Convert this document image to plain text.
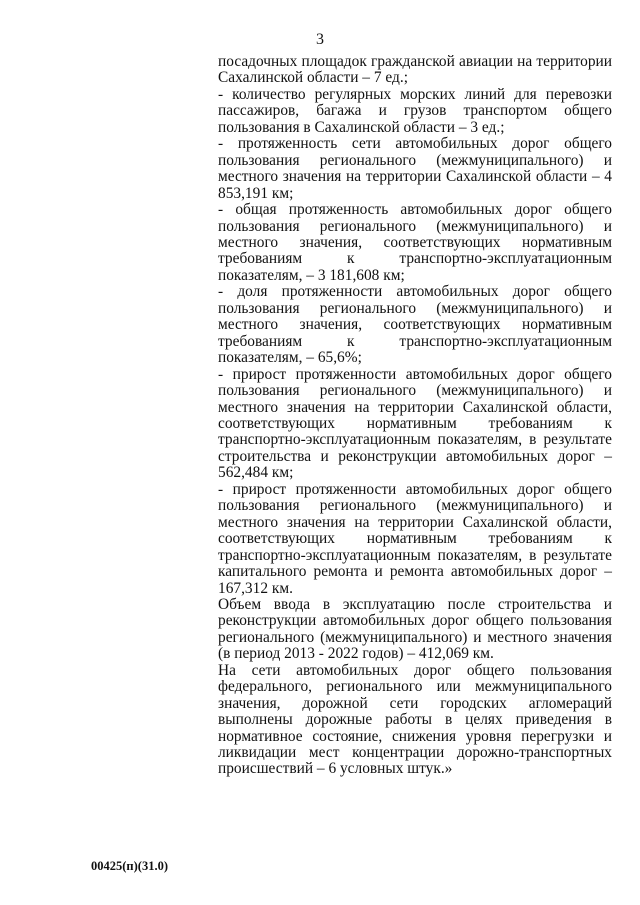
3

посадочных площадок гражданской авиации на территории Сахалинской области – 7 ед.;

- количество регулярных морских линий для перевозки пассажиров, багажа и грузов транспортом общего пользования в Сахалинской области – 3 ед.;

- протяженность сети автомобильных дорог общего пользования регионального (межмуниципального) и местного значения на территории Сахалинской области – 4 853,191 км;

- общая протяженность автомобильных дорог общего пользования регионального (межмуниципального) и местного значения, соответствующих нормативным требованиям к транспортно-эксплуатационным показателям, – 3 181,608 км;

- доля протяженности автомобильных дорог общего пользования регионального (межмуниципального) и местного значения, соответствующих нормативным требованиям к транспортно-эксплуатационным показателям, – 65,6%;

- прирост протяженности автомобильных дорог общего пользования регионального (межмуниципального) и местного значения на территории Сахалинской области, соответствующих нормативным требованиям к транспортно-эксплуатационным показателям, в результате строительства и реконструкции автомобильных дорог – 562,484 км;

- прирост протяженности автомобильных дорог общего пользования регионального (межмуниципального) и местного значения на территории Сахалинской области, соответствующих нормативным требованиям к транспортно-эксплуатационным показателям, в результате капитального ремонта и ремонта автомобильных дорог – 167,312 км.

Объем ввода в эксплуатацию после строительства и реконструкции автомобильных дорог общего пользования регионального (межмуниципального) и местного значения (в период 2013 - 2022 годов) – 412,069 км.

На сети автомобильных дорог общего пользования федерального, регионального или межмуниципального значения, дорожной сети городских агломераций выполнены дорожные работы в целях приведения в нормативное состояние, снижения уровня перегрузки и ликвидации мест концентрации дорожно-транспортных происшествий – 6 условных штук.»

00425(п)(31.0)
